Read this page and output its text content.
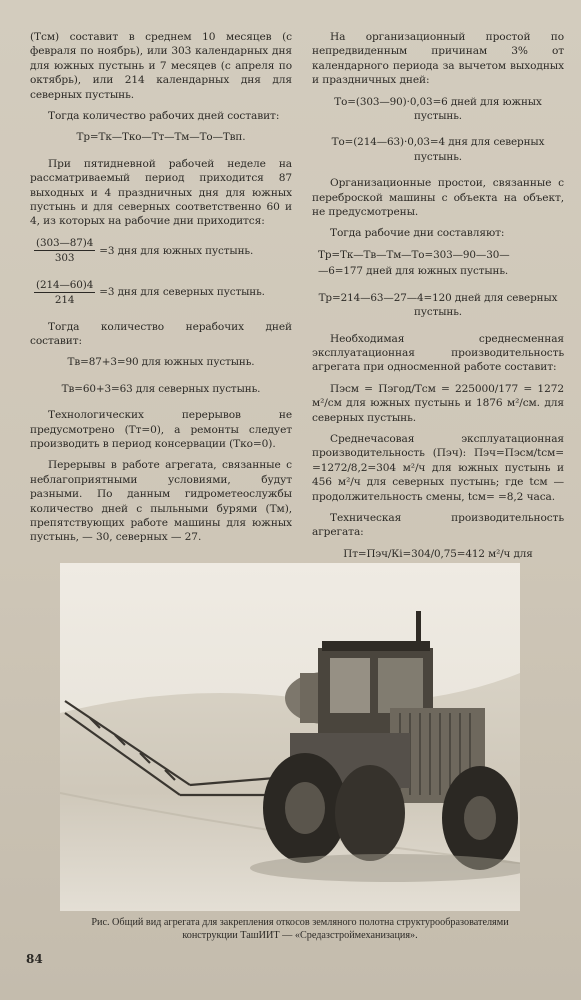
(Тсм) составит в среднем 10 месяцев (с февраля по ноябрь), или 303 календарных дня для южных пустынь и 7 месяцев (с апреля по октябрь), или 214 календарных дня для северных пустынь.

Тогда количество рабочих дней составит:

Тр=Тк—Тко—Тт—Тм—То—Твп.

При пятидневной рабочей неделе на рассматриваемый период приходится 87 выходных и 4 праздничных дня для южных пустынь и для северных соответственно 60 и 4, из которых на рабочие дни приходится:

$\frac{(303—87)4}{303} =3$ дня для южных пустынь.
$\frac{(214—60)4}{214} =3$ дня для северных пустынь.

Тогда количество нерабочих дней составит:

Тв=87+3=90 для южных пустынь.
Тв=60+3=63 для северных пустынь.

Технологических перерывов не предусмотрено (Тт=0), а ремонты следует производить в период консервации (Тко=0).

Перерывы в работе агрегата, связанные с неблагоприятными условиями, будут разными. По данным гидрометеослужбы количество дней с пыльными бурями (Тм), препятствующих работе машины для южных пустынь, — 30, северных — 27.

На организационный простой по непредвиденным причинам 3% от календарного периода за вычетом выходных и праздничных дней:

То=(303—90)·0,03=6 дней для южных пустынь.
То=(214—63)·0,03=4 дня для северных пустынь.

Организационные простои, связанные с переброской машины с объекта на объект, не предусмотрены.

Тогда рабочие дни составляют:

Тр=Тк—Тв—Тм—То=303—90—30—
—6=177 дней для южных пустынь.
Тр=214—63—27—4=120 дней для северных пустынь.

Необходимая среднесменная эксплуатационная производительность агрегата при односменной работе составит:

Пэсм = Пэгод/Тсм = 225000/177 = 1272 м²/см для южных пустынь и 1876 м²/см. для северных пустынь.

Среднечасовая эксплуатационная производительность (Пэч): Пэч=Пэсм/tсм= =1272/8,2=304 м²/ч для южных пустынь и 456 м²/ч для северных пустынь; где tсм — продолжительность смены, tсм= =8,2 часа.

Техническая производительность агрегата:

Пт=Пэч/Кi=304/0,75=412 м²/ч для
Рис. Общий вид агрегата для закрепления откосов земляного полотна структурообразователями конструкции ТашИИТ — «Средазстроймеханизация».
84
